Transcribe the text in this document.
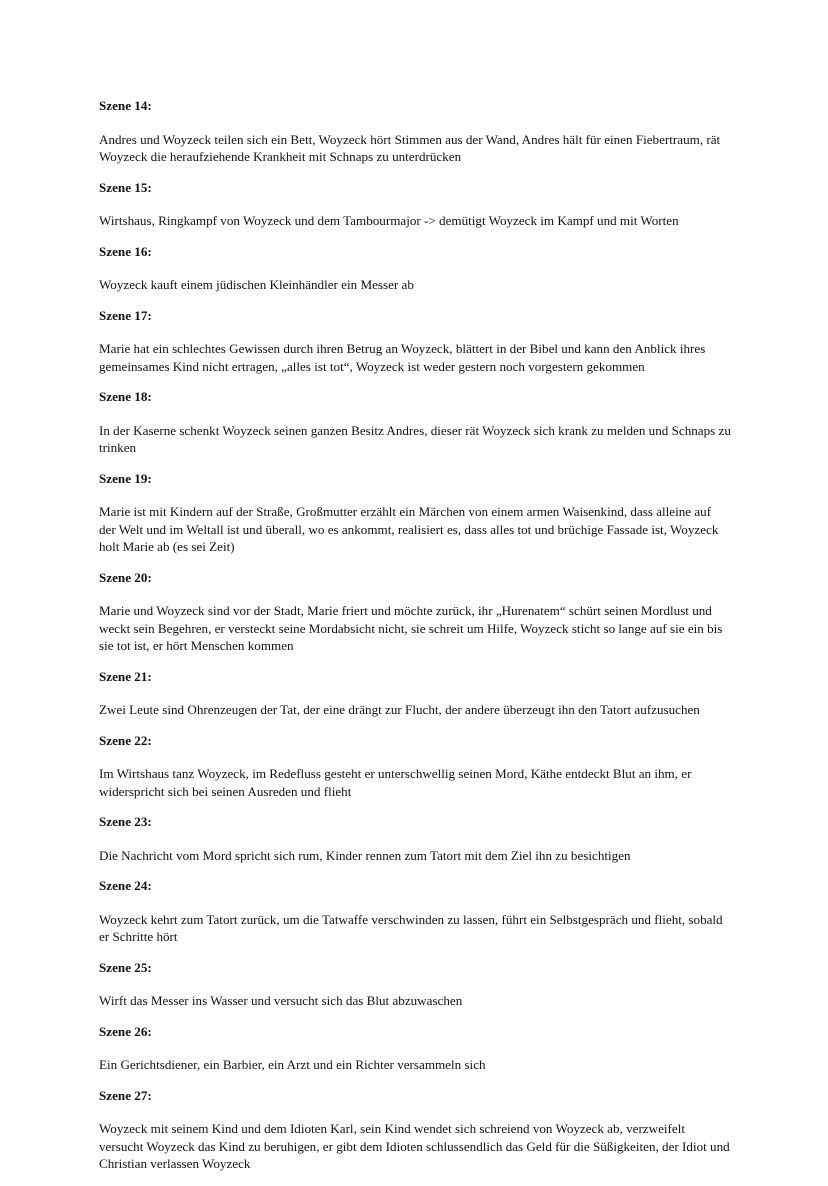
Szene 14:

Andres und Woyzeck teilen sich ein Bett, Woyzeck hört Stimmen aus der Wand, Andres hält für einen Fiebertraum, rät Woyzeck die heraufziehende Krankheit mit Schnaps zu unterdrücken

Szene 15:

Wirtshaus, Ringkampf von Woyzeck und dem Tambourmajor -> demütigt Woyzeck im Kampf und mit Worten

Szene 16:

Woyzeck kauft einem jüdischen Kleinhändler ein Messer ab

Szene 17:

Marie hat ein schlechtes Gewissen durch ihren Betrug an Woyzeck, blättert in der Bibel und kann den Anblick ihres gemeinsames Kind nicht ertragen, „alles ist tot“, Woyzeck ist weder gestern noch vorgestern gekommen

Szene 18:

In der Kaserne schenkt Woyzeck seinen ganzen Besitz Andres, dieser rät Woyzeck sich krank zu melden und Schnaps zu trinken

Szene 19:

Marie ist mit Kindern auf der Straße, Großmutter erzählt ein Märchen von einem armen Waisenkind, dass alleine auf der Welt und im Weltall ist und überall, wo es ankommt, realisiert es, dass alles tot und brüchige Fassade ist, Woyzeck holt Marie ab (es sei Zeit)

Szene 20:

Marie und Woyzeck sind vor der Stadt, Marie friert und möchte zurück, ihr „Hurenatem“ schürt seinen Mordlust und weckt sein Begehren, er versteckt seine Mordabsicht nicht, sie schreit um Hilfe, Woyzeck sticht so lange auf sie ein bis sie tot ist, er hört Menschen kommen

Szene 21:

Zwei Leute sind Ohrenzeugen der Tat, der eine drängt zur Flucht, der andere überzeugt ihn den Tatort aufzusuchen

Szene 22:

Im Wirtshaus tanz Woyzeck, im Redefluss gesteht er unterschwellig seinen Mord, Käthe entdeckt Blut an ihm, er widerspricht sich bei seinen Ausreden und flieht

Szene 23:

Die Nachricht vom Mord spricht sich rum, Kinder rennen zum Tatort mit dem Ziel ihn zu besichtigen

Szene 24:

Woyzeck kehrt zum Tatort zurück, um die Tatwaffe verschwinden zu lassen, führt ein Selbstgespräch und flieht, sobald er Schritte hört

Szene 25:

Wirft das Messer ins Wasser und versucht sich das Blut abzuwaschen

Szene 26:

Ein Gerichtsdiener, ein Barbier, ein Arzt und ein Richter versammeln sich

Szene 27:

Woyzeck mit seinem Kind und dem Idioten Karl, sein Kind wendet sich schreiend von Woyzeck ab, verzweifelt versucht Woyzeck das Kind zu beruhigen, er gibt dem Idioten schlussendlich das Geld für die Süßigkeiten, der Idiot und Christian verlassen Woyzeck
